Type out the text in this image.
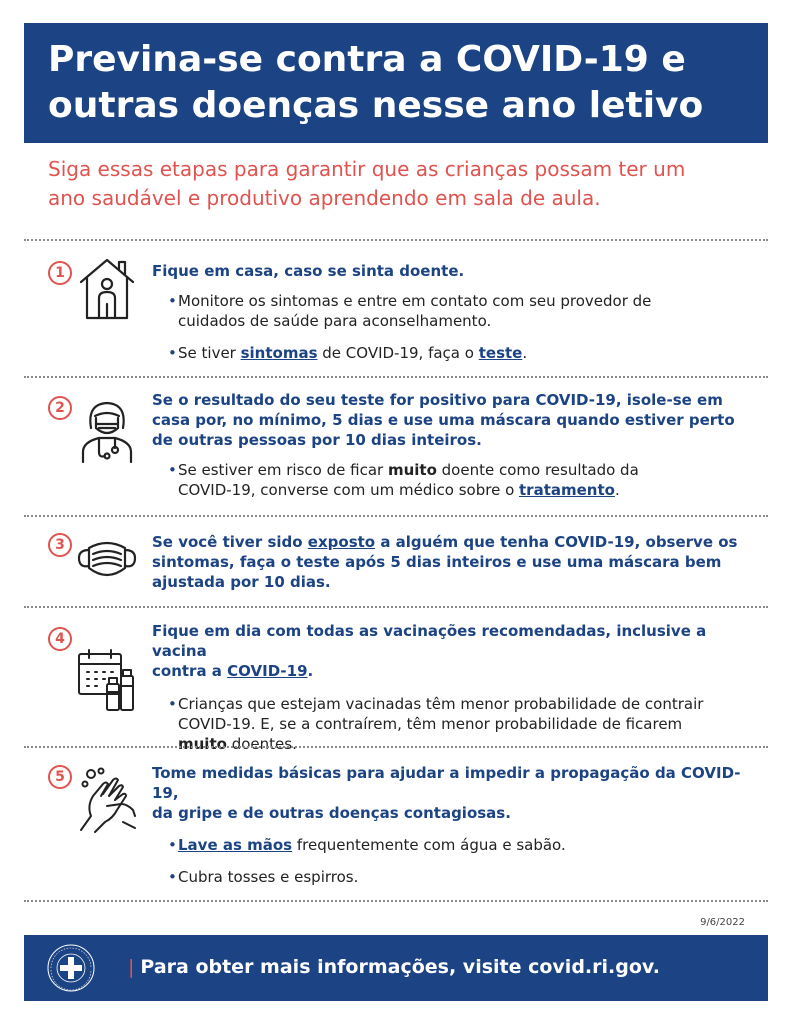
Previna-se contra a COVID-19 e
outras doenças nesse ano letivo
Siga essas etapas para garantir que as crianças possam ter um
ano saudável e produtivo aprendendo em sala de aula.
1	Fique em casa, caso se sinta doente.
• Monitore os sintomas e entre em contato com seu provedor de
cuidados de saúde para aconselhamento.
• Se tiver sintomas de COVID-19, faça o teste.
2	Se o resultado do seu teste for positivo para COVID-19, isole-se em
casa por, no mínimo, 5 dias e use uma máscara quando estiver perto
de outras pessoas por 10 dias inteiros.
• Se estiver em risco de ficar muito doente como resultado da
COVID-19, converse com um médico sobre o tratamento.
3	Se você tiver sido exposto a alguém que tenha COVID-19, observe os
sintomas, faça o teste após 5 dias inteiros e use uma máscara bem
ajustada por 10 dias.
4	Fique em dia com todas as vacinações recomendadas, inclusive a vacina
contra a COVID-19.
• Crianças que estejam vacinadas têm menor probabilidade de contrair
COVID-19. E, se a contraírem, têm menor probabilidade de ficarem
muito doentes.
5	Tome medidas básicas para ajudar a impedir a propagação da COVID-19,
da gripe e de outras doenças contagiosas.
• Lave as mãos frequentemente com água e sabão.
• Cubra tosses e espirros.
9/6/2022
| Para obter mais informações, visite covid.ri.gov.
